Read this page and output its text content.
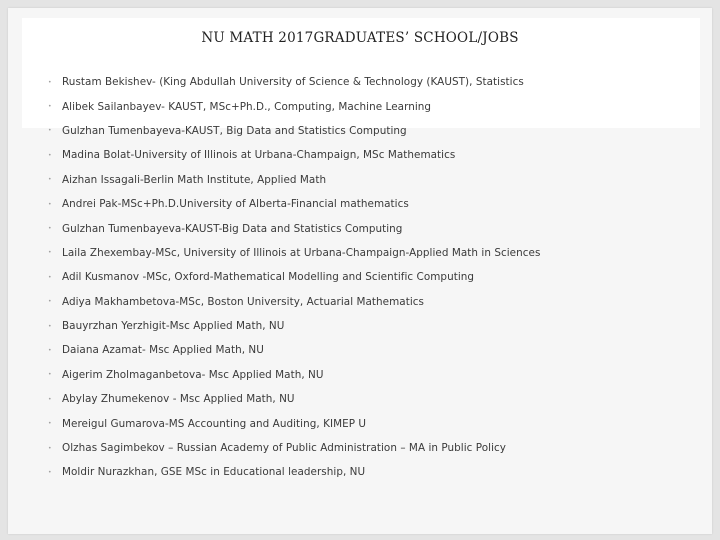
NU MATH 2017GRADUATES’ SCHOOL/JOBS
•	Rustam Bekishev- (King Abdullah University of Science & Technology (KAUST), Statistics
•	Alibek Sailanbayev- KAUST, MSc+Ph.D., Computing, Machine Learning
•	Gulzhan Tumenbayeva-KAUST, Big Data and Statistics Computing
•	Madina Bolat-University of Illinois at Urbana-Champaign, MSc Mathematics
•	Aizhan Issagali-Berlin Math Institute, Applied Math
•	Andrei Pak-MSc+Ph.D.University of Alberta-Financial mathematics
•	Gulzhan Tumenbayeva-KAUST-Big Data and Statistics Computing
•	Laila Zhexembay-MSc, University of Illinois at Urbana-Champaign-Applied Math in Sciences
•	Adil Kusmanov -MSc, Oxford-Mathematical Modelling and Scientific Computing
•	Adiya Makhambetova-MSc, Boston University, Actuarial Mathematics
•	Bauyrzhan Yerzhigit-Msc Applied Math, NU
•	Daiana Azamat- Msc Applied Math, NU
•	Aigerim Zholmaganbetova- Msc Applied Math, NU
•	Abylay Zhumekenov - Msc Applied Math, NU
•	Mereigul Gumarova-MS Accounting and Auditing, KIMEP U
•	Olzhas Sagimbekov – Russian Academy of Public Administration – MA in Public Policy
•	Moldir Nurazkhan, GSE MSc in Educational leadership, NU
